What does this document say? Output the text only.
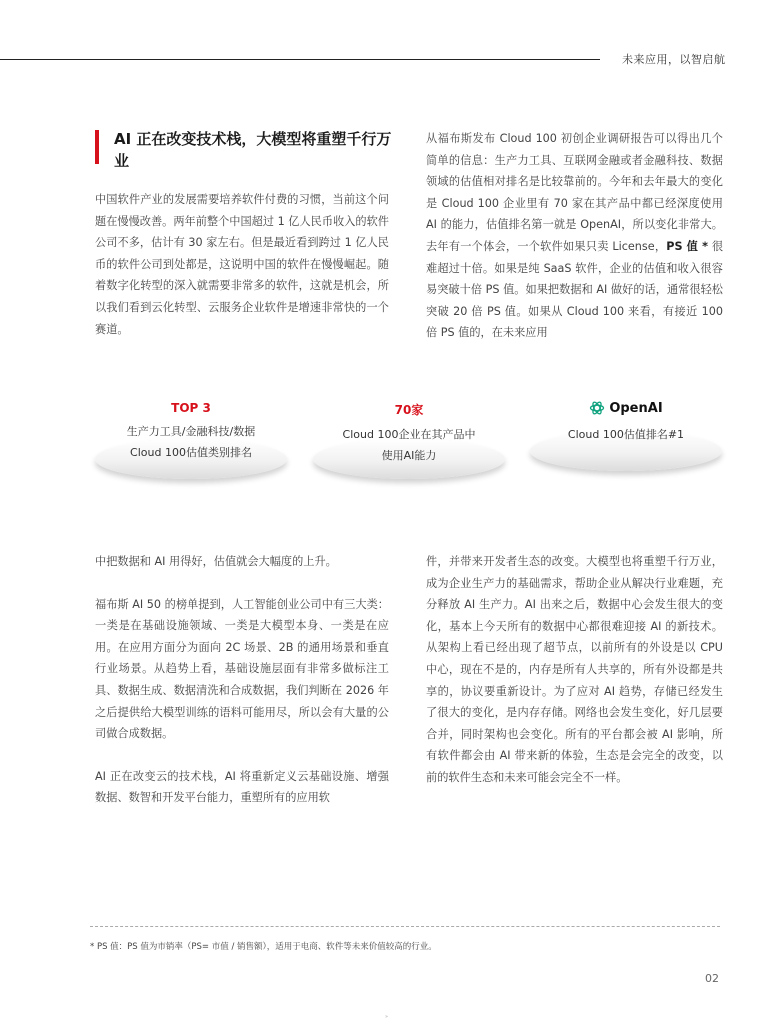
未来应用，以智启航
AI 正在改变技术栈，大模型将重塑千行万业

中国软件产业的发展需要培养软件付费的习惯，当前这个问题在慢慢改善。两年前整个中国超过 1 亿人民币收入的软件公司不多，估计有 30 家左右。但是最近看到跨过 1 亿人民币的软件公司到处都是，这说明中国的软件在慢慢崛起。随着数字化转型的深入就需要非常多的软件，这就是机会，所以我们看到云化转型、云服务企业软件是增速非常快的一个赛道。

从福布斯发布 Cloud 100 初创企业调研报告可以得出几个简单的信息：生产力工具、互联网金融或者金融科技、数据领域的估值相对排名是比较靠前的。今年和去年最大的变化是 Cloud 100 企业里有 70 家在其产品中都已经深度使用 AI 的能力，估值排名第一就是 OpenAI，所以变化非常大。去年有一个体会，一个软件如果只卖 License，PS 值 * 很难超过十倍。如果是纯 SaaS 软件，企业的估值和收入很容易突破十倍 PS 值。如果把数据和 AI 做好的话，通常很轻松突破 20 倍 PS 值。如果从 Cloud 100 来看，有接近 100 倍 PS 值的，在未来应用

TOP 3
生产力工具/金融科技/数据
Cloud 100估值类别排名
70家
Cloud 100企业在其产品中
使用AI能力
OpenAI
Cloud 100估值排名#1

中把数据和 AI 用得好，估值就会大幅度的上升。

福布斯 AI 50 的榜单提到，人工智能创业公司中有三大类：一类是在基础设施领域、一类是大模型本身、一类是在应用。在应用方面分为面向 2C 场景、2B 的通用场景和垂直行业场景。从趋势上看，基础设施层面有非常多做标注工具、数据生成、数据清洗和合成数据，我们判断在 2026 年之后提供给大模型训练的语料可能用尽，所以会有大量的公司做合成数据。

AI 正在改变云的技术栈，AI 将重新定义云基础设施、增强数据、数智和开发平台能力，重塑所有的应用软

件，并带来开发者生态的改变。大模型也将重塑千行万业，成为企业生产力的基础需求，帮助企业从解决行业难题，充分释放 AI 生产力。AI 出来之后，数据中心会发生很大的变化，基本上今天所有的数据中心都很难迎接 AI 的新技术。从架构上看已经出现了超节点，以前所有的外设是以 CPU 中心，现在不是的，内存是所有人共享的，所有外设都是共享的，协议要重新设计。为了应对 AI 趋势，存储已经发生了很大的变化，是内存存储。网络也会发生变化，好几层要合并，同时架构也会变化。所有的平台都会被 AI 影响，所有软件都会由 AI 带来新的体验，生态是会完全的改变，以前的软件生态和未来可能会完全不一样。

* PS 值：PS 值为市销率（PS= 市值 / 销售额），适用于电商、软件等未来价值较高的行业。
02
»
